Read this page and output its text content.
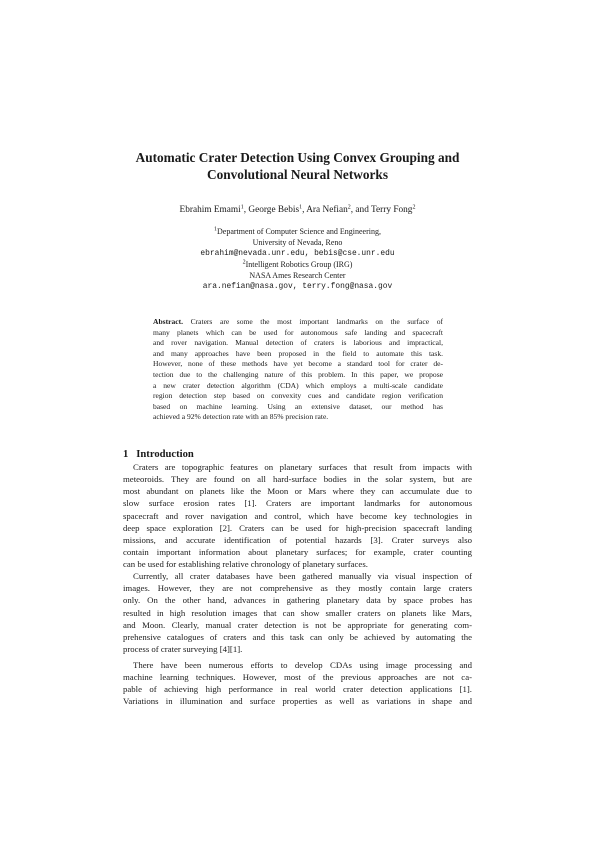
Automatic Crater Detection Using Convex Grouping and
Convolutional Neural Networks
Ebrahim Emami$^1$, George Bebis$^1$, Ara Nefian$^2$, and Terry Fong$^2$
$^1$Department of Computer Science and Engineering,
University of Nevada, Reno
ebrahim@nevada.unr.edu, bebis@cse.unr.edu
$^2$Intelligent Robotics Group (IRG)
NASA Ames Research Center
ara.nefian@nasa.gov, terry.fong@nasa.gov
Abstract. Craters are some the most important landmarks on the surface of
many planets which can be used for autonomous safe landing and spacecraft
and rover navigation. Manual detection of craters is laborious and impractical,
and many approaches have been proposed in the field to automate this task.
However, none of these methods have yet become a standard tool for crater de-
tection due to the challenging nature of this problem. In this paper, we propose
a new crater detection algorithm (CDA) which employs a multi-scale candidate
region detection step based on convexity cues and candidate region verification
based on machine learning. Using an extensive dataset, our method has
achieved a 92% detection rate with an 85% precision rate.
1 Introduction
Craters are topographic features on planetary surfaces that result from impacts with
meteoroids. They are found on all hard-surface bodies in the solar system, but are
most abundant on planets like the Moon or Mars where they can accumulate due to
slow surface erosion rates [1]. Craters are important landmarks for autonomous
spacecraft and rover navigation and control, which have become key technologies in
deep space exploration [2]. Craters can be used for high-precision spacecraft landing
missions, and accurate identification of potential hazards [3]. Crater surveys also
contain important information about planetary surfaces; for example, crater counting
can be used for establishing relative chronology of planetary surfaces.
Currently, all crater databases have been gathered manually via visual inspection of
images. However, they are not comprehensive as they mostly contain large craters
only. On the other hand, advances in gathering planetary data by space probes has
resulted in high resolution images that can show smaller craters on planets like Mars,
and Moon. Clearly, manual crater detection is not be appropriate for generating com-
prehensive catalogues of craters and this task can only be achieved by automating the
process of crater surveying [4][1].
There have been numerous efforts to develop CDAs using image processing and
machine learning techniques. However, most of the previous approaches are not ca-
pable of achieving high performance in real world crater detection applications [1].
Variations in illumination and surface properties as well as variations in shape and
